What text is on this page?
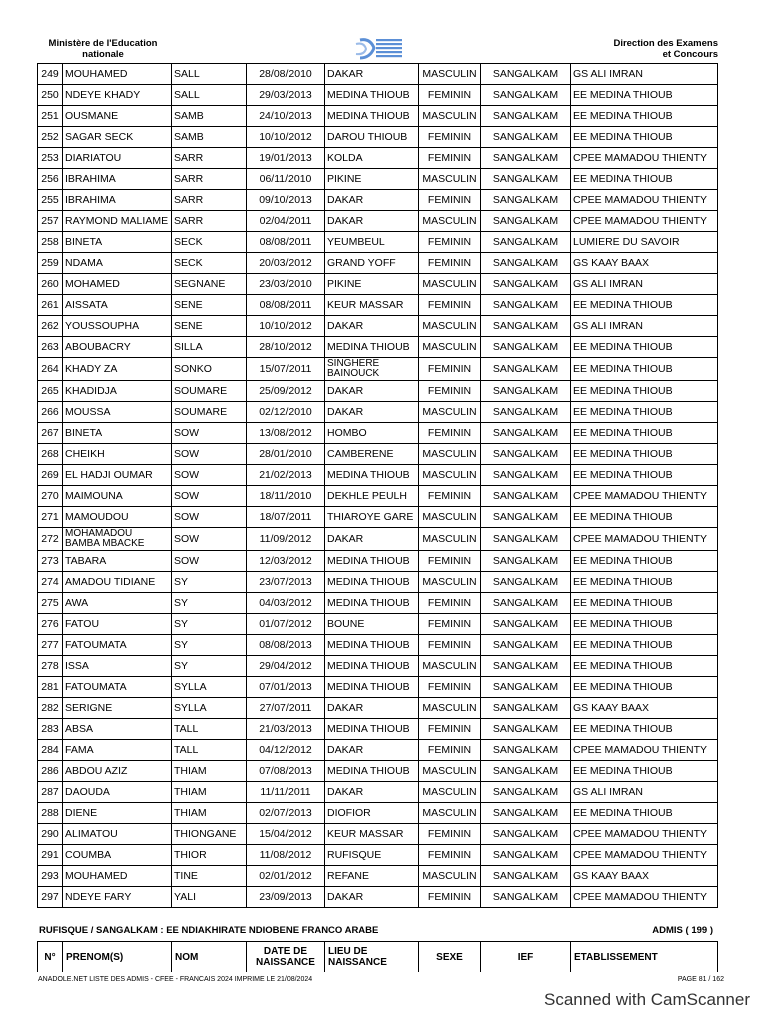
Ministère de l'Education
nationale
Direction des Examens
et Concours
249	MOUHAMED	SALL	28/08/2010	DAKAR	MASCULIN	SANGALKAM	GS ALI IMRAN
250	NDEYE KHADY	SALL	29/03/2013	MEDINA THIOUB	FEMININ	SANGALKAM	EE MEDINA THIOUB
251	OUSMANE	SAMB	24/10/2013	MEDINA THIOUB	MASCULIN	SANGALKAM	EE MEDINA THIOUB
252	SAGAR SECK	SAMB	10/10/2012	DAROU THIOUB	FEMININ	SANGALKAM	EE MEDINA THIOUB
253	DIARIATOU	SARR	19/01/2013	KOLDA	FEMININ	SANGALKAM	CPEE MAMADOU THIENTY
256	IBRAHIMA	SARR	06/11/2010	PIKINE	MASCULIN	SANGALKAM	EE MEDINA THIOUB
255	IBRAHIMA	SARR	09/10/2013	DAKAR	FEMININ	SANGALKAM	CPEE MAMADOU THIENTY
257	RAYMOND MALIAME	SARR	02/04/2011	DAKAR	MASCULIN	SANGALKAM	CPEE MAMADOU THIENTY
258	BINETA	SECK	08/08/2011	YEUMBEUL	FEMININ	SANGALKAM	LUMIERE DU SAVOIR
259	NDAMA	SECK	20/03/2012	GRAND YOFF	FEMININ	SANGALKAM	GS KAAY BAAX
260	MOHAMED	SEGNANE	23/03/2010	PIKINE	MASCULIN	SANGALKAM	GS ALI IMRAN
261	AISSATA	SENE	08/08/2011	KEUR MASSAR	FEMININ	SANGALKAM	EE MEDINA THIOUB
262	YOUSSOUPHA	SENE	10/10/2012	DAKAR	MASCULIN	SANGALKAM	GS ALI IMRAN
263	ABOUBACRY	SILLA	28/10/2012	MEDINA THIOUB	MASCULIN	SANGALKAM	EE MEDINA THIOUB
264	KHADY ZA	SONKO	15/07/2011	SINGHERE BAINOUCK	FEMININ	SANGALKAM	EE MEDINA THIOUB
265	KHADIDJA	SOUMARE	25/09/2012	DAKAR	FEMININ	SANGALKAM	EE MEDINA THIOUB
266	MOUSSA	SOUMARE	02/12/2010	DAKAR	MASCULIN	SANGALKAM	EE MEDINA THIOUB
267	BINETA	SOW	13/08/2012	HOMBO	FEMININ	SANGALKAM	EE MEDINA THIOUB
268	CHEIKH	SOW	28/01/2010	CAMBERENE	MASCULIN	SANGALKAM	EE MEDINA THIOUB
269	EL HADJI OUMAR	SOW	21/02/2013	MEDINA THIOUB	MASCULIN	SANGALKAM	EE MEDINA THIOUB
270	MAIMOUNA	SOW	18/11/2010	DEKHLE PEULH	FEMININ	SANGALKAM	CPEE MAMADOU THIENTY
271	MAMOUDOU	SOW	18/07/2011	THIAROYE GARE	MASCULIN	SANGALKAM	EE MEDINA THIOUB
272	MOHAMADOU BAMBA MBACKE	SOW	11/09/2012	DAKAR	MASCULIN	SANGALKAM	CPEE MAMADOU THIENTY
273	TABARA	SOW	12/03/2012	MEDINA THIOUB	FEMININ	SANGALKAM	EE MEDINA THIOUB
274	AMADOU TIDIANE	SY	23/07/2013	MEDINA THIOUB	MASCULIN	SANGALKAM	EE MEDINA THIOUB
275	AWA	SY	04/03/2012	MEDINA THIOUB	FEMININ	SANGALKAM	EE MEDINA THIOUB
276	FATOU	SY	01/07/2012	BOUNE	FEMININ	SANGALKAM	EE MEDINA THIOUB
277	FATOUMATA	SY	08/08/2013	MEDINA THIOUB	FEMININ	SANGALKAM	EE MEDINA THIOUB
278	ISSA	SY	29/04/2012	MEDINA THIOUB	MASCULIN	SANGALKAM	EE MEDINA THIOUB
281	FATOUMATA	SYLLA	07/01/2013	MEDINA THIOUB	FEMININ	SANGALKAM	EE MEDINA THIOUB
282	SERIGNE	SYLLA	27/07/2011	DAKAR	MASCULIN	SANGALKAM	GS KAAY BAAX
283	ABSA	TALL	21/03/2013	MEDINA THIOUB	FEMININ	SANGALKAM	EE MEDINA THIOUB
284	FAMA	TALL	04/12/2012	DAKAR	FEMININ	SANGALKAM	CPEE MAMADOU THIENTY
286	ABDOU AZIZ	THIAM	07/08/2013	MEDINA THIOUB	MASCULIN	SANGALKAM	EE MEDINA THIOUB
287	DAOUDA	THIAM	11/11/2011	DAKAR	MASCULIN	SANGALKAM	GS ALI IMRAN
288	DIENE	THIAM	02/07/2013	DIOFIOR	MASCULIN	SANGALKAM	EE MEDINA THIOUB
290	ALIMATOU	THIONGANE	15/04/2012	KEUR MASSAR	FEMININ	SANGALKAM	CPEE MAMADOU THIENTY
291	COUMBA	THIOR	11/08/2012	RUFISQUE	FEMININ	SANGALKAM	CPEE MAMADOU THIENTY
293	MOUHAMED	TINE	02/01/2012	REFANE	MASCULIN	SANGALKAM	GS KAAY BAAX
297	NDEYE FARY	YALI	23/09/2013	DAKAR	FEMININ	SANGALKAM	CPEE MAMADOU THIENTY
RUFISQUE / SANGALKAM : EE NDIAKHIRATE NDIOBENE FRANCO ARABE	ADMIS ( 199 )
N°	PRENOM(S)	NOM	DATE DE NAISSANCE	LIEU DE NAISSANCE	SEXE	IEF	ETABLISSEMENT
ANADOLE.NET LISTE DES ADMIS - CFEE - FRANCAIS 2024 IMPRIME LE 21/08/2024	PAGE 81 / 162
Scanned with CamScanner
